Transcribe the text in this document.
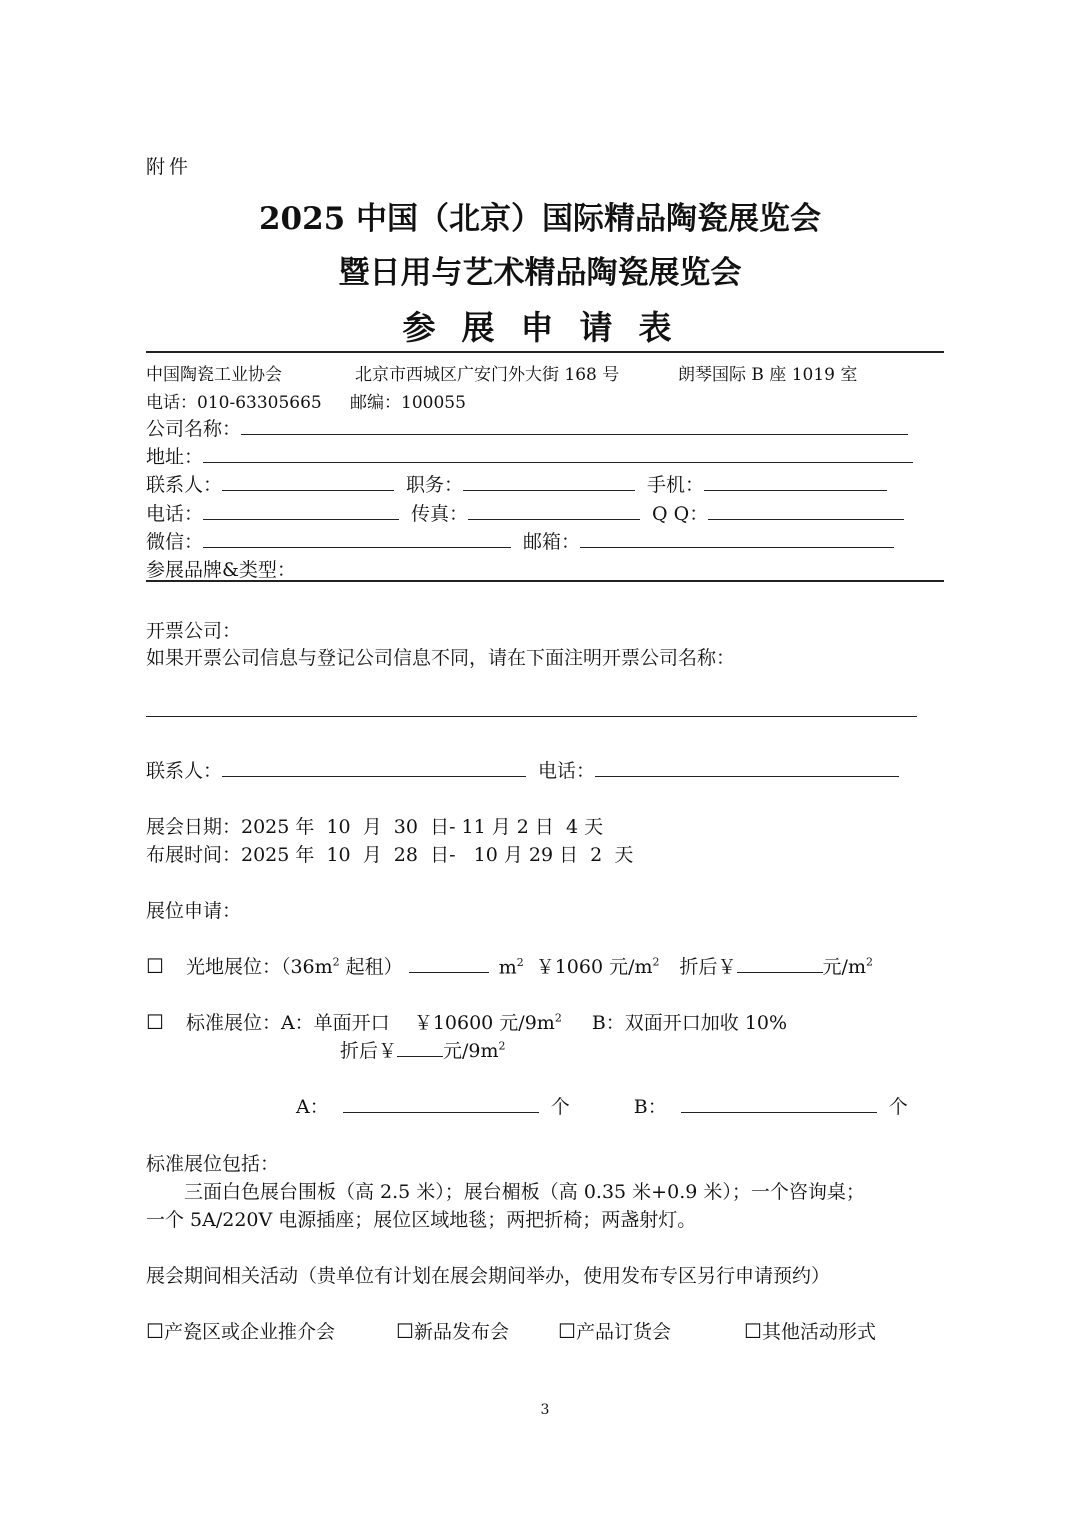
附件
2025 中国（北京）国际精品陶瓷展览会
暨日用与艺术精品陶瓷展览会
参展申请表
中国陶瓷工业协会	北京市西城区广安门外大街 168 号	朗琴国际 B 座 1019 室
电话：010-63305665 邮编：100055
公司名称：
地址：
联系人：	职务：	手机：
电话：	传真：	Q Q：
微信：	邮箱：
参展品牌&类型：
开票公司：
如果开票公司信息与登记公司信息不同，请在下面注明开票公司名称：
联系人：	电话：
展会日期：2025 年  10  月  30  日- 11 月 2 日  4 天
布展时间：2025 年  10  月  28  日-   10 月 29 日  2  天
展位申请：
☐ 光地展位：（$36m^2$ 起租）	$m^2$ ￥1060 元$/m^2$ 折后￥	元$/m^2$
☐ 标准展位：A：单面开口    ￥10600 元$/9m^2$ B：双面开口加收 10%
折后￥ 元$/9m^2$
A：	个	B：	个
标准展位包括：
三面白色展台围板（高 2.5 米）；展台楣板（高 0.35 米+0.9 米）；一个咨询桌；
一个 5A/220V 电源插座；展位区域地毯；两把折椅；两盏射灯。
展会期间相关活动（贵单位有计划在展会期间举办，使用发布专区另行申请预约）
☐产瓷区或企业推介会	☐新品发布会 ☐产品订货会	☐其他活动形式
3
